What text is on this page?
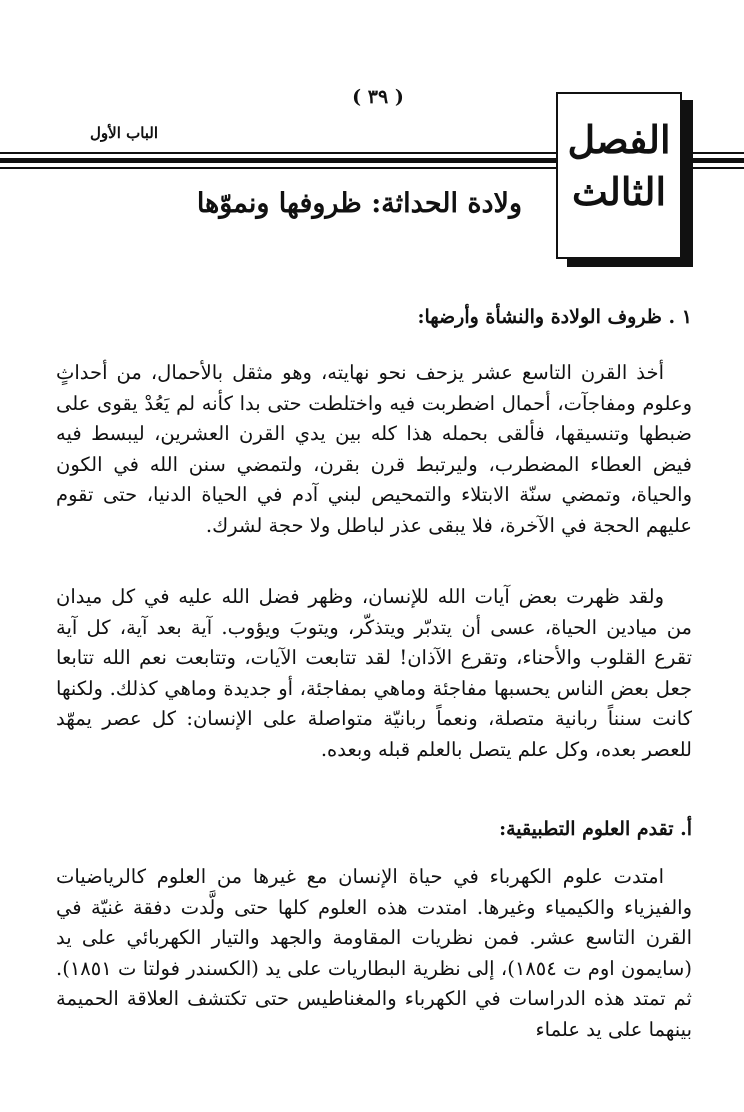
( ٣٩ )
الباب الأول	الفصل
الثالث
ولادة الحداثة: ظروفها ونموّها
١ . ظروف الولادة والنشأة وأرضها:

أخذ القرن التاسع عشر يزحف نحو نهايته، وهو مثقل بالأحمال، من أحداثٍ وعلوم ومفاجآت، أحمال اضطربت فيه واختلطت حتى بدا كأنه لم يَعُدْ يقوى على ضبطها وتنسيقها، فألقى بحمله هذا كله بين يدي القرن العشرين، ليبسط فيه فيض العطاء المضطرب، وليرتبط قرن بقرن، ولتمضي سنن الله في الكون والحياة، وتمضي سنّة الابتلاء والتمحيص لبني آدم في الحياة الدنيا، حتى تقوم عليهم الحجة في الآخرة، فلا يبقى عذر لباطل ولا حجة لشرك.

ولقد ظهرت بعض آيات الله للإنسان، وظهر فضل الله عليه في كل ميدان من ميادين الحياة، عسى أن يتدبّر ويتذكّر، ويتوبَ ويؤوب. آية بعد آية، كل آية تقرع القلوب والأحناء، وتقرع الآذان! لقد تتابعت الآيات، وتتابعت نعم الله تتابعا جعل بعض الناس يحسبها مفاجئة وماهي بمفاجئة، أو جديدة وماهي كذلك. ولكنها كانت سنناً ربانية متصلة، ونعماً ربانيّة متواصلة على الإنسان: كل عصر يمهّد للعصر بعده، وكل علم يتصل بالعلم قبله وبعده.

أ. تقدم العلوم التطبيقية:

امتدت علوم الكهرباء في حياة الإنسان مع غيرها من العلوم كالرياضيات والفيزياء والكيمياء وغيرها. امتدت هذه العلوم كلها حتى ولَّدت دفقة غنيّة في القرن التاسع عشر. فمن نظريات المقاومة والجهد والتيار الكهربائي على يد (سايمون اوم ت ١٨٥٤)، إلى نظرية البطاريات على يد (الكسندر فولتا ت ١٨٥١). ثم تمتد هذه الدراسات في الكهرباء والمغناطيس حتى تكتشف العلاقة الحميمة بينهما على يد علماء
